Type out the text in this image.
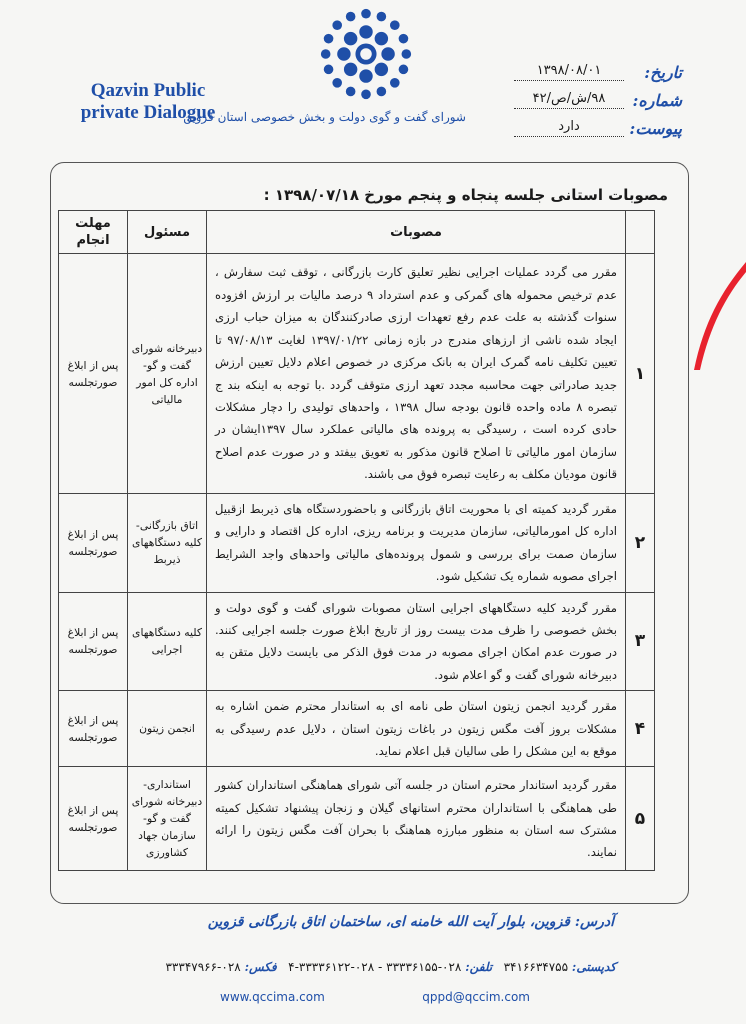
Qazvin Public
private Dialogue
شورای گفت و گوی دولت و بخش خصوصی استان قزوین
تاریخ:
۱۳۹۸/۰۸/۰۱
شماره:
۹۸/ش/ص/۴۲
پیوست:
دارد
مصوبات استانی جلسه پنجاه و پنجم مورخ ۱۳۹۸/۰۷/۱۸ :
	مصوبات	مسئول	مهلت انجام
۱	مقرر می گردد عملیات اجرایی نظیر تعلیق کارت بازرگانی ، توقف ثبت سفارش ، عدم ترخیص محموله های گمرکی و عدم استرداد ۹ درصد مالیات بر ارزش افزوده سنوات گذشته به علت عدم رفع تعهدات ارزی صادرکنندگان به میزان حباب ارزی ایجاد شده ناشی از ارزهای مندرج در بازه زمانی ۱۳۹۷/۰۱/۲۲ لغایت ۹۷/۰۸/۱۳ تا تعیین تکلیف نامه گمرک ایران به بانک مرکزی در خصوص اعلام دلایل تعیین ارزش جدید صادراتی جهت محاسبه مجدد تعهد ارزی متوقف گردد .با توجه به اینکه بند ج تبصره ۸ ماده واحده قانون بودجه سال ۱۳۹۸ ، واحدهای تولیدی را دچار مشکلات حادی کرده است ، رسیدگی به پرونده های مالیاتی عملکرد سال ۱۳۹۷ایشان در سازمان امور مالیاتی تا اصلاح قانون مذکور به تعویق بیفتد و در صورت عدم اصلاح قانون مودیان مکلف به رعایت تبصره فوق می باشند.	دبیرخانه شورای گفت و گو- اداره کل امور مالیاتی	پس از ابلاغ صورتجلسه
۲	مقرر گردید کمیته ای با محوریت اتاق بازرگانی و باحضوردستگاه های ذیربط ازقبیل اداره کل امورمالیاتی، سازمان مدیریت و برنامه ریزی، اداره کل اقتصاد و دارایی و سازمان صمت برای بررسی و شمول پرونده‌های مالیاتی واحدهای واجد الشرایط اجرای مصوبه شماره یک تشکیل شود.	اتاق بازرگانی- کلیه دستگاههای ذیربط	پس از ابلاغ صورتجلسه
۳	مقرر گردید کلیه دستگاههای اجرایی استان مصوبات شورای گفت و گوی دولت و بخش خصوصی را ظرف مدت بیست روز از تاریخ ابلاغ صورت جلسه اجرایی کنند. در صورت عدم امکان اجرای مصوبه در مدت فوق الذکر می بایست دلایل متقن به دبیرخانه شورای گفت و گو اعلام شود.	کلیه دستگاههای اجرایی	پس از ابلاغ صورتجلسه
۴	مقرر گردید انجمن زیتون استان طی نامه ای به استاندار محترم ضمن اشاره به مشکلات بروز آفت مگس زیتون در باغات زیتون استان ، دلایل عدم رسیدگی به موقع به این مشکل را طی سالیان قبل اعلام نماید.	انجمن زیتون	پس از ابلاغ صورتجلسه
۵	مقرر گردید استاندار محترم استان در جلسه آتی شورای هماهنگی استانداران کشور طی هماهنگی با استانداران محترم استانهای گیلان و زنجان پیشنهاد تشکیل کمیته مشترک سه استان به منظور مبارزه هماهنگ با بحران آفت مگس زیتون را ارائه نمایند.	استانداری- دبیرخانه شورای گفت و گو- سازمان جهاد کشاورزی	پس از ابلاغ صورتجلسه
آدرس: قزوین، بلوار آیت الله خامنه ای، ساختمان اتاق بازرگانی قزوین
کدپستی: ۳۴۱۶۶۳۴۷۵۵   تلفن: ۰۲۸-۳۳۳۳۶۱۵۵ - ۰۲۸-۳۳۳۳۶۱۲۲-۴   فکس: ۰۲۸-۳۳۳۴۷۹۶۶
www.qccima.com	qppd@qccim.com
